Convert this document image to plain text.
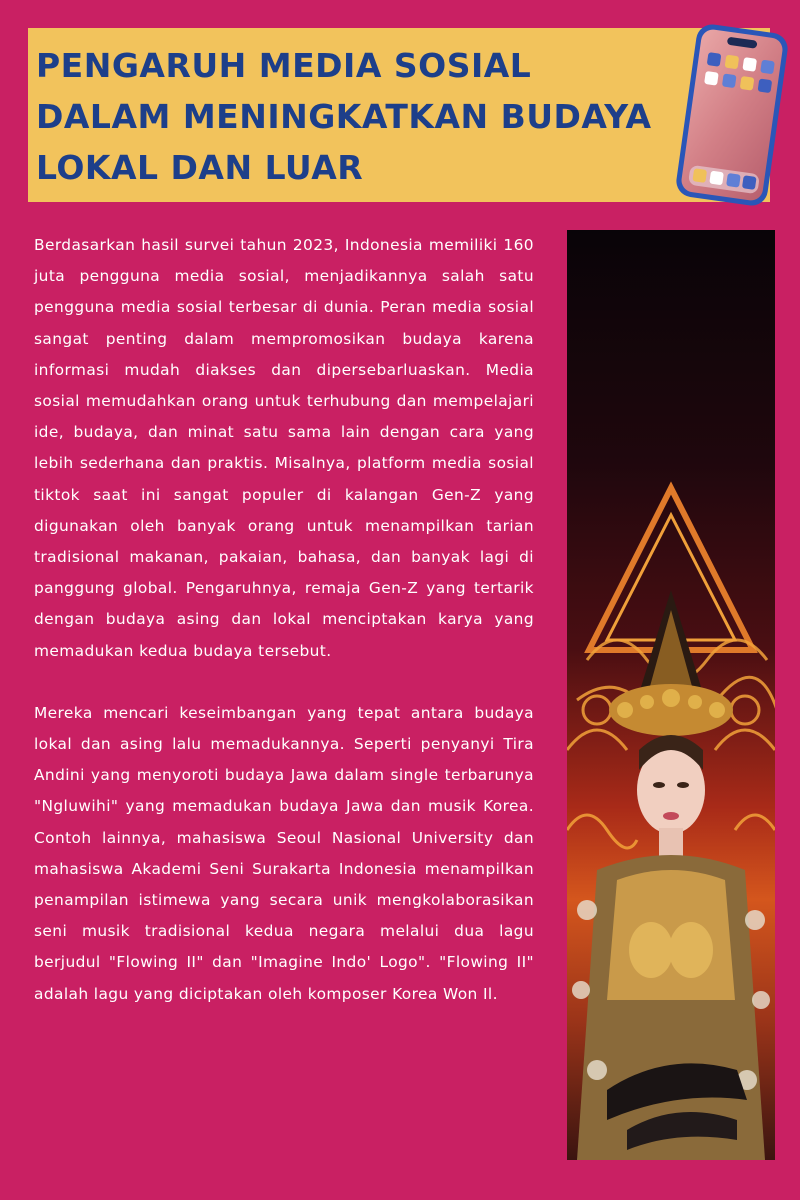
PENGARUH MEDIA SOSIAL
DALAM MENINGKATKAN BUDAYA
LOKAL DAN LUAR

Berdasarkan hasil survei tahun 2023, Indonesia memiliki 160 juta pengguna media sosial, menjadikannya salah satu pengguna media sosial terbesar di dunia. Peran media sosial sangat penting dalam mempromosikan budaya karena informasi mudah diakses dan dipersebarluaskan. Media sosial memudahkan orang untuk terhubung dan mempelajari ide, budaya, dan minat satu sama lain dengan cara yang lebih sederhana dan praktis. Misalnya, platform media sosial tiktok saat ini sangat populer di kalangan Gen-Z yang digunakan oleh banyak orang untuk menampilkan tarian tradisional makanan, pakaian, bahasa, dan banyak lagi di panggung global. Pengaruhnya, remaja Gen-Z yang tertarik dengan budaya asing dan lokal menciptakan karya yang memadukan kedua budaya tersebut.

Mereka mencari keseimbangan yang tepat antara budaya lokal dan asing lalu memadukannya. Seperti penyanyi Tira Andini yang menyoroti budaya Jawa dalam single terbarunya "Ngluwihi" yang memadukan budaya Jawa dan musik Korea. Contoh lainnya, mahasiswa Seoul Nasional University dan mahasiswa Akademi Seni Surakarta Indonesia menampilkan penampilan istimewa yang secara unik mengkolaborasikan seni musik tradisional kedua negara melalui dua lagu berjudul "Flowing II" dan "Imagine Indo' Logo". "Flowing II" adalah lagu yang diciptakan oleh komposer Korea Won Il.
